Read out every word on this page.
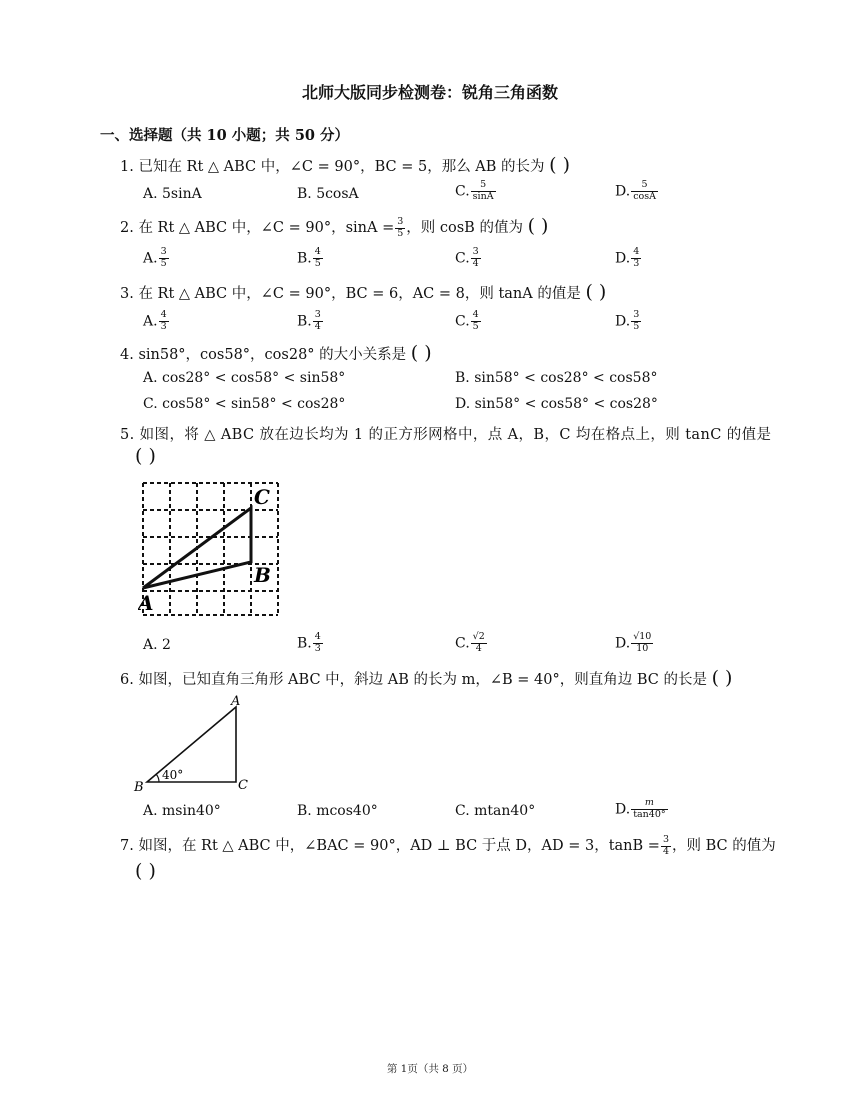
北师大版同步检测卷：锐角三角函数
一、选择题（共 10 小题；共 50 分）
1. 已知在 Rt △ ABC 中，∠C = 90°，BC = 5，那么 AB 的长为 ( )
A. 5sinA	B. 5cosA	C. $\frac{5}{\sin A}$	D. $\frac{5}{\cos A}$
2. 在 Rt △ ABC 中，∠C = 90°，$\sin A = \frac{3}{5}$ ，则 cosB 的值为 ( )
A. $\frac{3}{5}$	B. $\frac{4}{5}$	C. $\frac{3}{4}$	D. $\frac{4}{3}$
3. 在 Rt △ ABC 中，∠C = 90°，BC = 6，AC = 8，则 tanA 的值是 ( )
A. $\frac{4}{3}$	B. $\frac{3}{4}$	C. $\frac{4}{5}$	D. $\frac{3}{5}$
4. sin58°，cos58°，cos28° 的大小关系是 ( )
A. cos28° < cos58° < sin58°	B. sin58° < cos28° < cos58°
C. cos58° < sin58° < cos28°	D. sin58° < cos58° < cos28°
5. 如图，将 △ ABC 放在边长均为 1 的正方形网格中，点 A，B，C 均在格点上，则 tanC 的值是
( )
A
C
B
A. 2	B. $\frac{4}{3}$	C. $\frac{√2}{4}$	D. $\frac{√10}{10}$
6. 如图，已知直角三角形 ABC 中，斜边 AB 的长为 m，∠B = 40°，则直角边 BC 的长是 ( )
A
B	C
40°
A. msin40°	B. mcos40°	C. mtan40°	D. $\frac{m}{\tan 40^\circ}$
7. 如图，在 Rt △ ABC 中，∠BAC = 90°，AD ⊥ BC 于点 D，AD = 3，$\tan B = \frac{3}{4}$ ，则 BC 的值为
( )
第 1页（共 8 页）
